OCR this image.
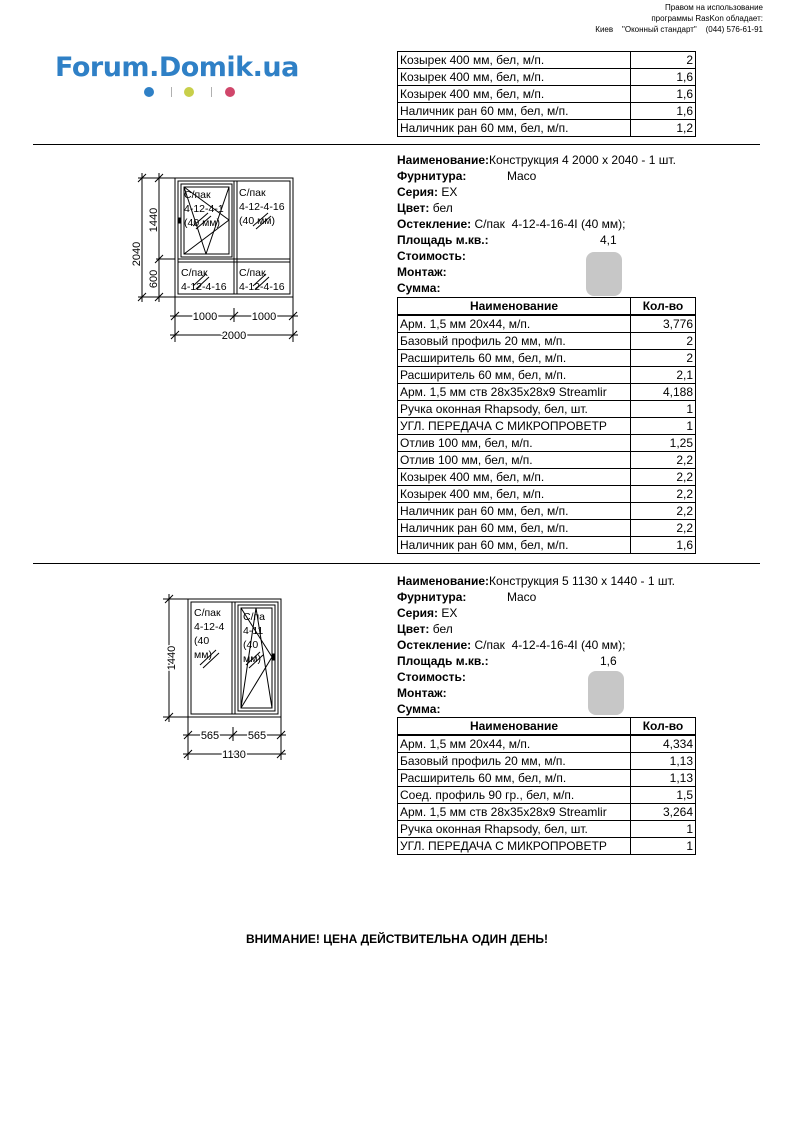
Правом на использование
программы RasKon обладает:
Киев    "Оконный стандарт"    (044) 576-61-91
Forum.Domik.ua	Козырек 400 мм, бел, м/п.	2
Козырек 400 мм, бел, м/п.	1,6
Козырек 400 мм, бел, м/п.	1,6
Наличник ран 60 мм, бел, м/п.	1,6
Наличник ран 60 мм, бел, м/п.	1,2
2040
1440
600
1000	1000
2000
С/пак
4-12-4-1
(40 мм)
С/пак
4-12-4-16
(40 мм)
С/пак
4-12-4-16
С/пак
4-12-4-16
Наименование:Конструкция 4 2000 х 2040 - 1 шт.
Фурнитура:	Maco
Серия: EX
Цвет: бел
Остекление: С/пак  4-12-4-16-4I (40 мм);
Площадь м.кв.:	4,1
Стоимость:
Монтаж:
Сумма:
Наименование	Кол-во
Арм. 1,5 мм 20х44, м/п.	3,776
Базовый профиль 20 мм, м/п.	2
Расширитель 60 мм, бел, м/п.	2
Расширитель 60 мм, бел, м/п.	2,1
Арм. 1,5 мм ств 28х35х28х9 Streamlir	4,188
Ручка оконная Rhapsody, бел, шт.	1
УГЛ. ПЕРЕДАЧА С МИКРОПРОВЕТР	1
Отлив 100 мм, бел, м/п.	1,25
Отлив 100 мм, бел, м/п.	2,2
Козырек 400 мм, бел, м/п.	2,2
Козырек 400 мм, бел, м/п.	2,2
Наличник ран 60 мм, бел, м/п.	2,2
Наличник ран 60 мм, бел, м/п.	2,2
Наличник ран 60 мм, бел, м/п.	1,6
1440
565	565
1130
С/пак
4-12-4
(40
мм)
С/па
4-11
(40
мм)
Наименование:Конструкция 5 1130 х 1440 - 1 шт.
Фурнитура:	Maco
Серия: EX
Цвет: бел
Остекление: С/пак  4-12-4-16-4I (40 мм);
Площадь м.кв.:	1,6
Стоимость:
Монтаж:
Сумма:
Наименование	Кол-во
Арм. 1,5 мм 20х44, м/п.	4,334
Базовый профиль 20 мм, м/п.	1,13
Расширитель 60 мм, бел, м/п.	1,13
Соед. профиль 90 гр., бел, м/п.	1,5
Арм. 1,5 мм ств 28х35х28х9 Streamlir	3,264
Ручка оконная Rhapsody, бел, шт.	1
УГЛ. ПЕРЕДАЧА С МИКРОПРОВЕТР	1
ВНИМАНИЕ! ЦЕНА ДЕЙСТВИТЕЛЬНА ОДИН ДЕНЬ!
